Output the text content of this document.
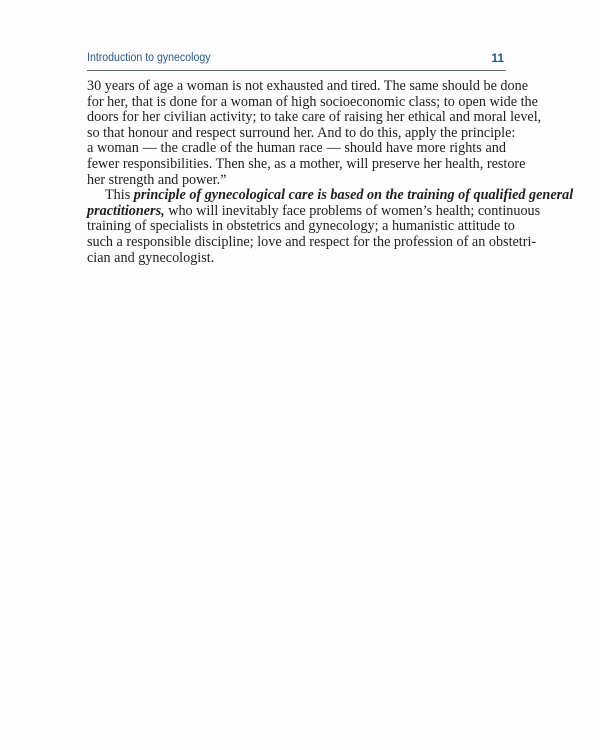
Introduction to gynecology	11

30 years of age a woman is not exhausted and tired. The same should be done
for her, that is done for a woman of high socioeconomic class; to open wide the
doors for her civilian activity; to take care of raising her ethical and moral level,
so that honour and respect surround her. And to do this, apply the principle:
a woman — the cradle of the human race — should have more rights and
fewer responsibilities. Then she, as a mother, will preserve her health, restore
her strength and power.”

This principle of gynecological care is based on the training of qualified general
practitioners, who will inevitably face problems of women’s health; continuous
training of specialists in obstetrics and gynecology; a humanistic attitude to
such a responsible discipline; love and respect for the profession of an obstetri-
cian and gynecologist.
